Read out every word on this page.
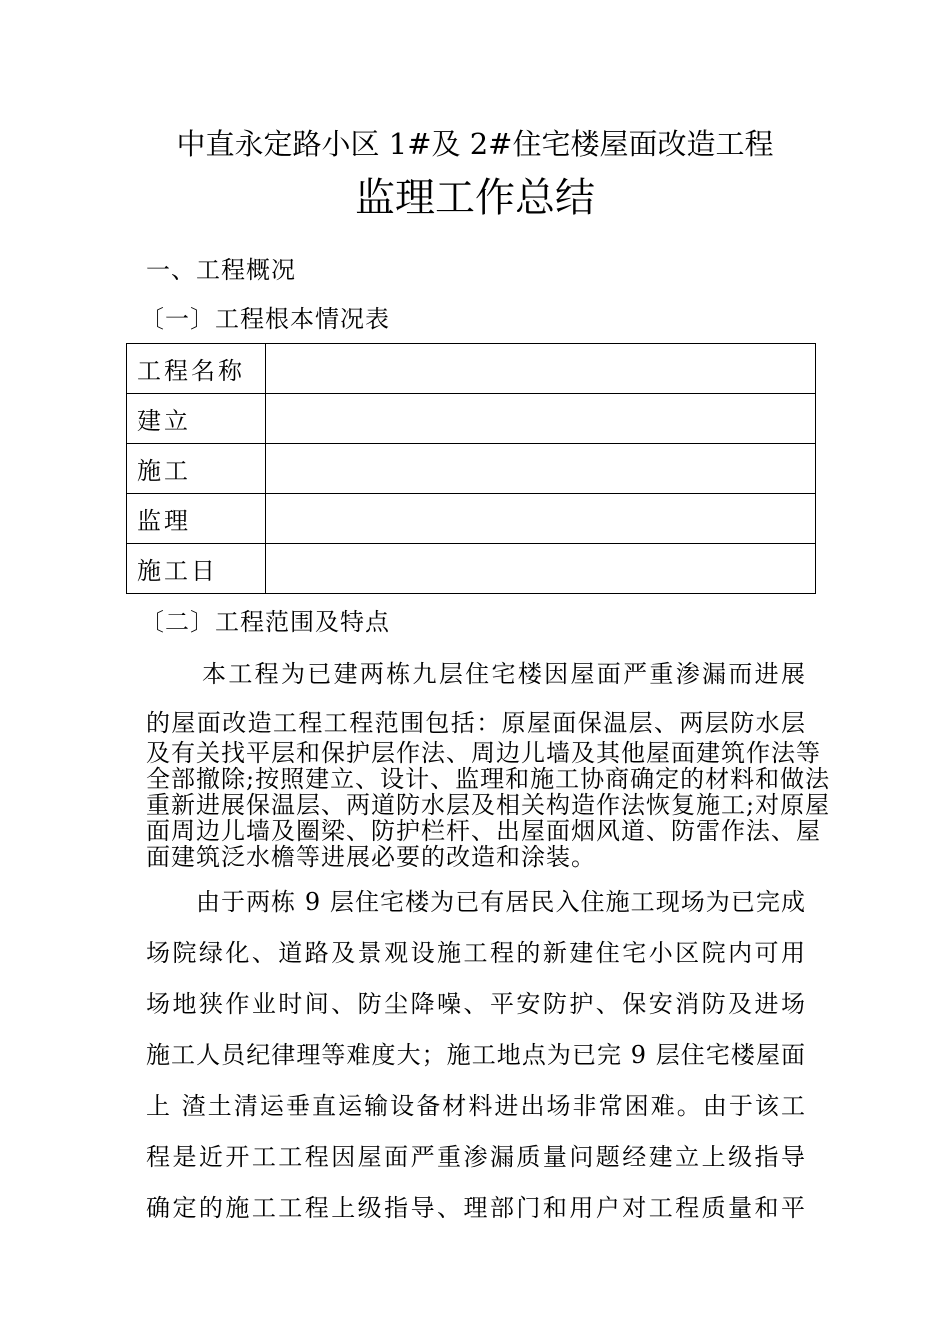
中直永定路小区 1#及 2#住宅楼屋面改造工程
监理工作总结
一、工程概况
〔一〕工程根本情况表
工程名称	
建立	
施工	
监理	
施工日	
〔二〕工程范围及特点
本工程为已建两栋九层住宅楼因屋面严重渗漏而进展
的屋面改造工程工程范围包括：原屋面保温层、两层防水层
及有关找平层和保护层作法、周边儿墙及其他屋面建筑作法等
全部撤除;按照建立、设计、监理和施工协商确定的材料和做法
重新进展保温层、两道防水层及相关构造作法恢复施工;对原屋
面周边儿墙及圈梁、防护栏杆、出屋面烟风道、防雷作法、屋
面建筑泛水檐等进展必要的改造和涂装。
由于两栋 9 层住宅楼为已有居民入住施工现场为已完成
场院绿化、道路及景观设施工程的新建住宅小区院内可用
场地狭作业时间、防尘降噪、平安防护、保安消防及进场
施工人员纪律理等难度大；施工地点为已完 9 层住宅楼屋面
上 渣土清运垂直运输设备材料进出场非常困难。由于该工
程是近开工工程因屋面严重渗漏质量问题经建立上级指导
确定的施工工程上级指导、理部门和用户对工程质量和平
